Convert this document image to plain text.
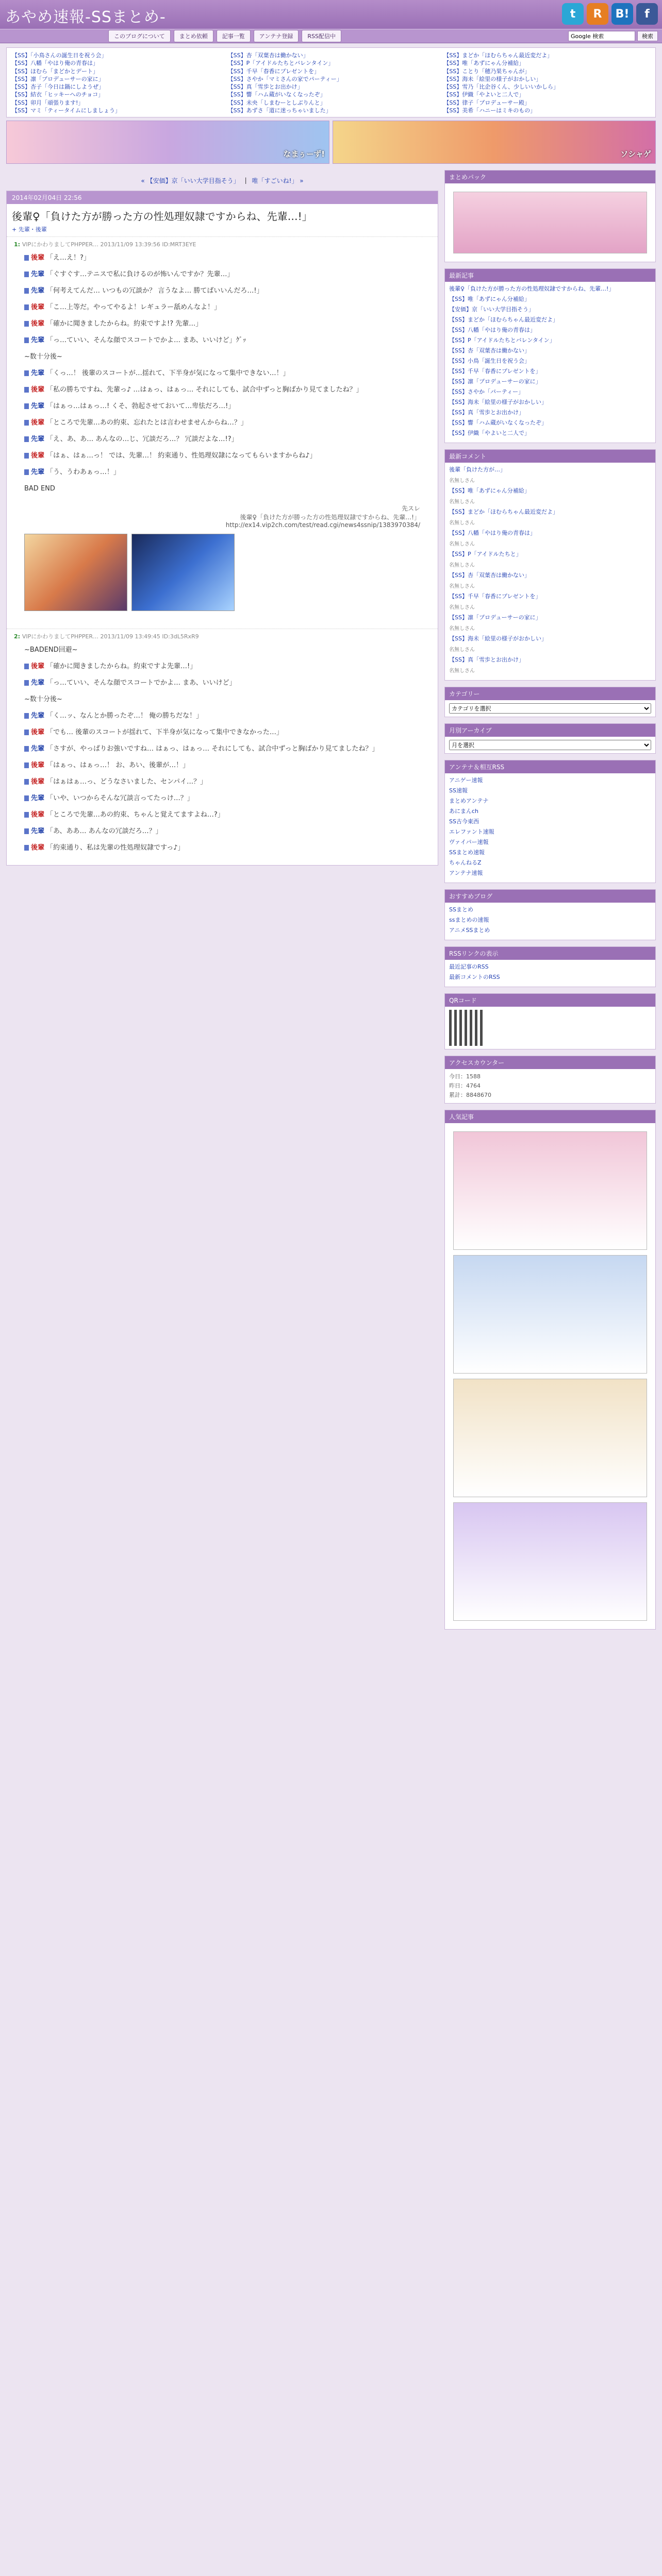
あやめ速報-SSまとめ-	t	R	B!	f
このブログについて	まとめ依頼	記事一覧	アンテナ登録	RSS配信中
Google 検索	検索
【SS】「小鳥さんの誕生日を祝う会」	【SS】杏「双葉杏は働かない」	【SS】まどか「ほむらちゃん最近変だよ」
【SS】八幡「やはり俺の青春は」	【SS】P「アイドルたちとバレンタイン」	【SS】唯「あずにゃん分補給」
【SS】ほむら「まどかとデート」	【SS】千早「春香にプレゼントを」	【SS】ことり「穂乃果ちゃんが」
【SS】凛「プロデューサーの家に」	【SS】さやか「マミさんの家でパーティー」	【SS】海未「絵里の様子がおかしい」
【SS】杏子「今日は鍋にしようぜ」	【SS】真「雪歩とお出かけ」	【SS】雪乃「比企谷くん、少しいいかしら」
【SS】結衣「ヒッキーへのチョコ」	【SS】響「ハム蔵がいなくなったぞ」	【SS】伊織「やよいと二人で」
【SS】卯月「頑張ります!」	【SS】未央「しまむーとしぶりんと」	【SS】律子「プロデューサー殿」
【SS】マミ「ティータイムにしましょう」	【SS】あずさ「道に迷っちゃいました」	【SS】美希「ハニーはミキのもの」
なまぅーず!	ソシャゲ
« 【安価】京「いい大学目指そう」 | 唯「すごいね!」 »
2014年02月04日 22:56
後輩♀「負けた方が勝った方の性処理奴隷ですからね、先輩…!」
+ 先輩・後輩
1: VIPにかわりましてPHPPER… 2013/11/09 13:39:56 ID:MRT3EYE
後輩 「え…え！?」
先輩 「ぐすぐす…テニスで私に負けるのが怖いんですか？先輩…」
先輩 「何考えてんだ… いつもの冗談か？ 言うなよ… 勝てばいいんだろ…!」
後輩 「こ…上等だ。やってやるよ！レギュラー舐めんなよ！」
後輩 「確かに聞きましたからね。約束ですよ!? 先輩…」
先輩 「っ…ていい、そんな顔でスコートでかよ… まあ、いいけど」ｸﾞｯ
~数十分後~
先輩 「くっ…！ 後輩のスコートが…揺れて、下半身が気になって集中できない…！」
後輩 「私の勝ちですね、先輩っ♪ …はぁっ、はぁっ… それにしても、試合中ずっと胸ばかり見てましたね？」
先輩 「はぁっ…はぁっ…! くそ、勃起させておいて…卑怯だろ…!」
後輩 「ところで先輩…あの約束、忘れたとは言わせませんからね…？」
先輩 「え、あ、あ… あんなの…じ、冗談だろ…？ 冗談だよな…!?」
後輩 「はぁ、はぁ…っ！ では、先輩…！ 約束通り、性処理奴隷になってもらいますからね♪」
先輩 「う、うわあぁっ…！」
BAD END
先スレ
後輩♀「負けた方が勝った方の性処理奴隷ですからね、先輩…!」
http://ex14.vip2ch.com/test/read.cgi/news4ssnip/1383970384/
2: VIPにかわりましてPHPPER… 2013/11/09 13:49:45 ID:3dL5RxR9
~BADEND回避~
後輩 「確かに聞きましたからね。約束ですよ先輩…!」
先輩 「っ…ていい、そんな顔でスコートでかよ… まあ、いいけど」
~数十分後~
先輩 「く…ッ、なんとか勝ったぞ…！ 俺の勝ちだな！」
後輩 「でも… 後輩のスコートが揺れて、下半身が気になって集中できなかった…」
先輩 「さすが、やっぱりお強いですね… はぁっ、はぁっ… それにしても、試合中ずっと胸ばかり見てましたね？」
後輩 「はぁっ、はぁっ…！ お、あい、後輩が…！」
後輩 「はぁはぁ…っ、どうなさいました、センパイ…？」
先輩 「いや、いつからそんな冗談言ってたっけ…？」
後輩 「ところで先輩…あの約束、ちゃんと覚えてますよね…?」
先輩 「あ、ああ… あんなの冗談だろ…？」
後輩 「約束通り、私は先輩の性処理奴隷ですっ♪」
まとめパック
最新記事
後輩♀「負けた方が勝った方の性処理奴隷ですからね、先輩…!」
【SS】唯「あずにゃん分補給」
【安価】京「いい大学目指そう」
【SS】まどか「ほむらちゃん最近変だよ」
【SS】八幡「やはり俺の青春は」
【SS】P「アイドルたちとバレンタイン」
【SS】杏「双葉杏は働かない」
【SS】小鳥「誕生日を祝う会」
【SS】千早「春香にプレゼントを」
【SS】凛「プロデューサーの家に」
【SS】さやか「パーティー」
【SS】海未「絵里の様子がおかしい」
【SS】真「雪歩とお出かけ」
【SS】響「ハム蔵がいなくなったぞ」
【SS】伊織「やよいと二人で」
最新コメント
後輩「負けた方が…」
名無しさん
【SS】唯「あずにゃん分補給」
名無しさん
【SS】まどか「ほむらちゃん最近変だよ」
名無しさん
【SS】八幡「やはり俺の青春は」
名無しさん
【SS】P「アイドルたちと」
名無しさん
【SS】杏「双葉杏は働かない」
名無しさん
【SS】千早「春香にプレゼントを」
名無しさん
【SS】凛「プロデューサーの家に」
名無しさん
【SS】海未「絵里の様子がおかしい」
名無しさん
【SS】真「雪歩とお出かけ」
名無しさん
カテゴリー
カテゴリを選択
月別アーカイブ
月を選択
アンテナ＆相互RSS
アニゲー速報
SS速報
まとめアンテナ
あにまんch
SS古今東西
エレファント速報
ヴァイパー速報
SSまとめ速報
ちゃんねるZ
アンテナ速報
おすすめブログ
SSまとめ
ssまとめの速報
アニメSSまとめ
RSSリンクの表示
最近記事のRSS
最新コメントのRSS
QRコード
アクセスカウンター
今日：1588
昨日：4764
累計：8848670
人気記事
